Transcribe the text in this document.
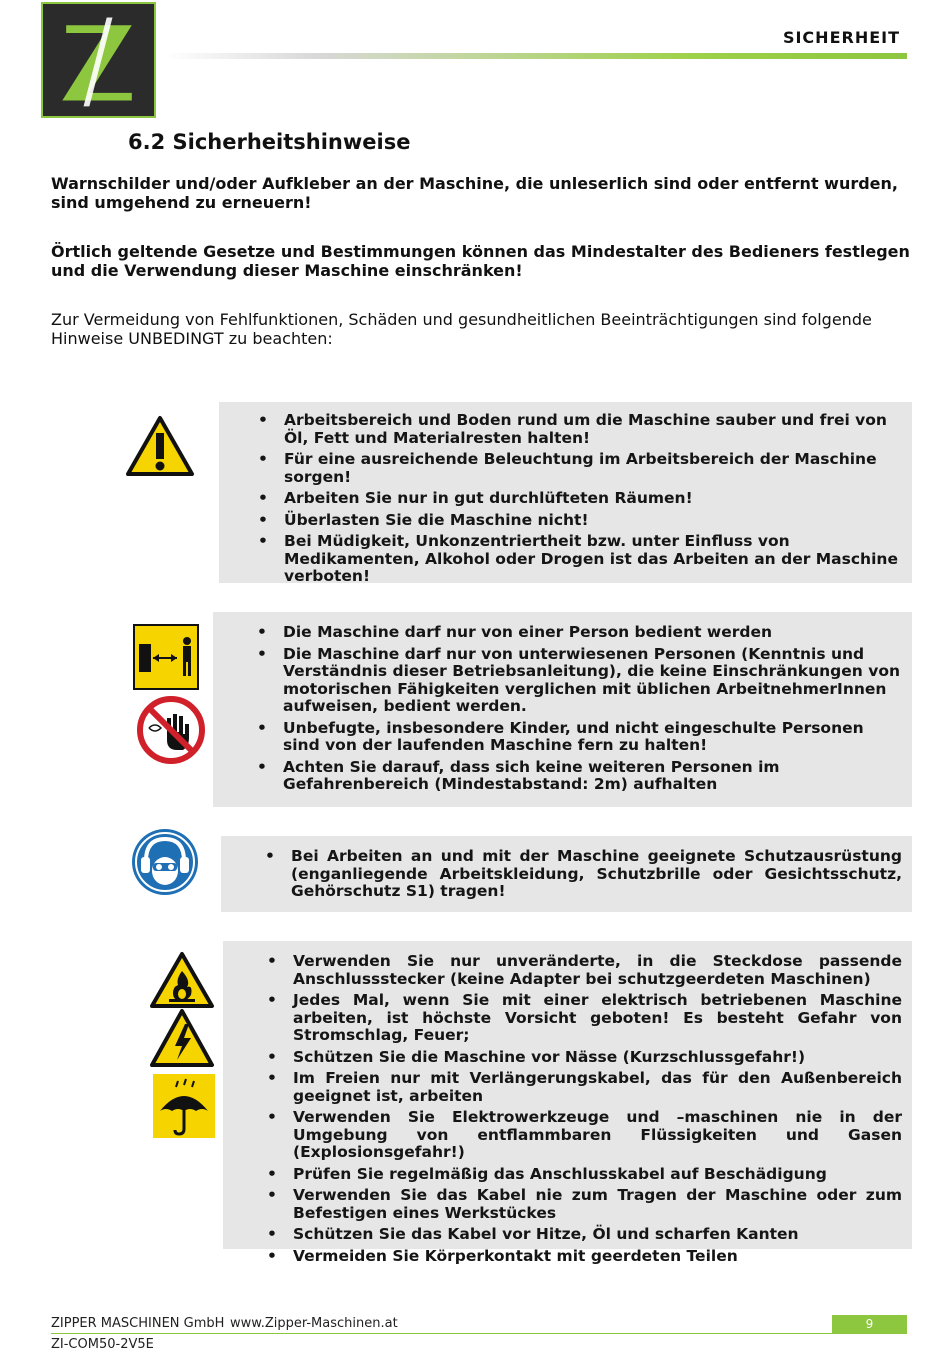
SICHERHEIT
6.2 Sicherheitshinweise
Warnschilder und/oder Aufkleber an der Maschine, die unleserlich sind oder entfernt wurden, sind umgehend zu erneuern!
Örtlich geltende Gesetze und Bestimmungen können das Mindestalter des Bedieners festlegen und die Verwendung dieser Maschine einschränken!
Zur Vermeidung von Fehlfunktionen, Schäden und gesundheitlichen Beeinträchtigungen sind folgende Hinweise UNBEDINGT zu beachten:
• Arbeitsbereich und Boden rund um die Maschine sauber und frei von Öl, Fett und Materialresten halten!
• Für eine ausreichende Beleuchtung im Arbeitsbereich der Maschine sorgen!
• Arbeiten Sie nur in gut durchlüfteten Räumen!
• Überlasten Sie die Maschine nicht!
• Bei Müdigkeit, Unkonzentriertheit bzw. unter Einfluss von Medikamenten, Alkohol oder Drogen ist das Arbeiten an der Maschine verboten!
• Die Maschine darf nur von einer Person bedient werden
• Die Maschine darf nur von unterwiesenen Personen (Kenntnis und Verständnis dieser Betriebsanleitung), die keine Einschränkungen von motorischen Fähigkeiten verglichen mit üblichen ArbeitnehmerInnen aufweisen, bedient werden.
• Unbefugte, insbesondere Kinder, und nicht eingeschulte Personen sind von der laufenden Maschine fern zu halten!
• Achten Sie darauf, dass sich keine weiteren Personen im Gefahrenbereich (Mindestabstand: 2m) aufhalten
• Bei Arbeiten an und mit der Maschine geeignete Schutzausrüstung (enganliegende Arbeitskleidung, Schutzbrille oder Gesichtsschutz, Gehörschutz S1) tragen!
• Verwenden Sie nur unveränderte, in die Steckdose passende Anschlussstecker (keine Adapter bei schutzgeerdeten Maschinen)
• Jedes Mal, wenn Sie mit einer elektrisch betriebenen Maschine arbeiten, ist höchste Vorsicht geboten! Es besteht Gefahr von Stromschlag, Feuer;
• Schützen Sie die Maschine vor Nässe (Kurzschlussgefahr!)
• Im Freien nur mit Verlängerungskabel, das für den Außenbereich geeignet ist, arbeiten
• Verwenden Sie Elektrowerkzeuge und –maschinen nie in der Umgebung von entflammbaren Flüssigkeiten und Gasen (Explosionsgefahr!)
• Prüfen Sie regelmäßig das Anschlusskabel auf Beschädigung
• Verwenden Sie das Kabel nie zum Tragen der Maschine oder zum Befestigen eines Werkstückes
• Schützen Sie das Kabel vor Hitze, Öl und scharfen Kanten
• Vermeiden Sie Körperkontakt mit geerdeten Teilen
ZIPPER MASCHINEN GmbH www.Zipper-Maschinen.at	9
ZI-COM50-2V5E
